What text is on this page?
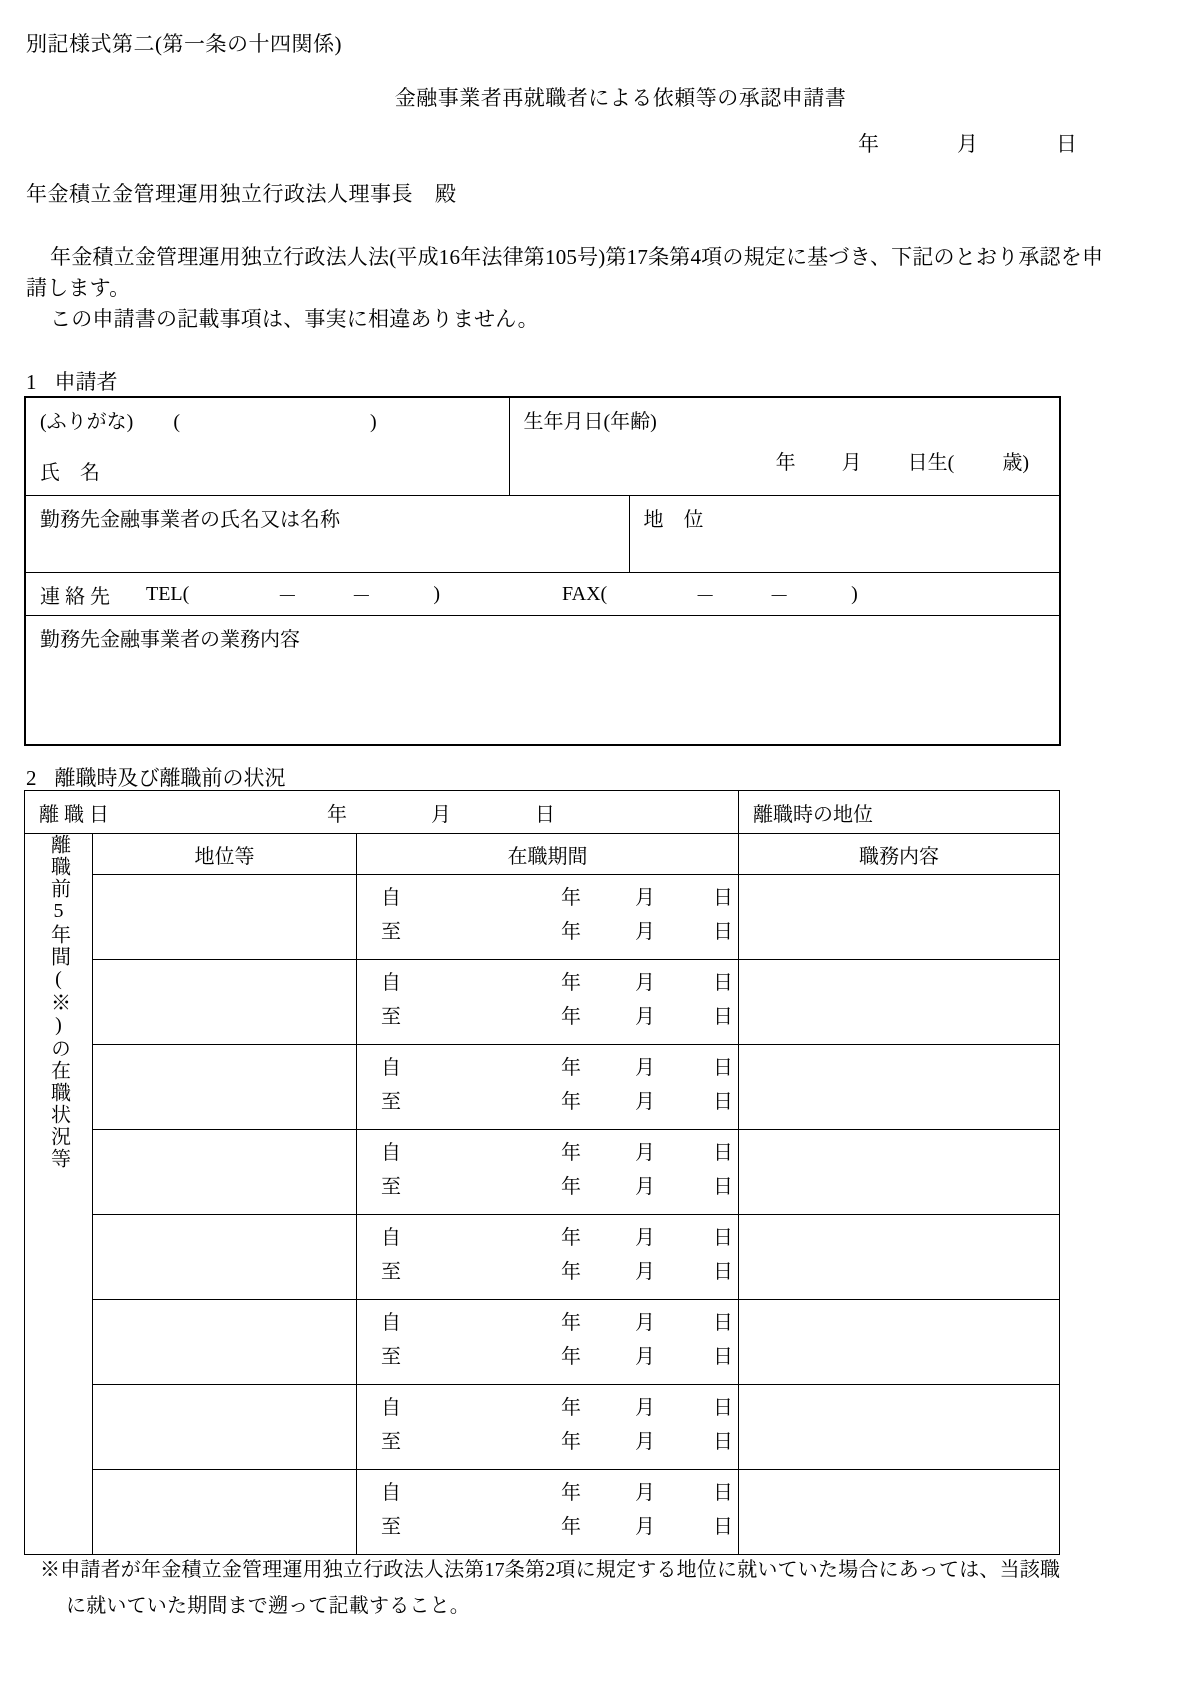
別記様式第二(第一条の十四関係)
金融事業者再就職者による依頼等の承認申請書
年	月	日
年金積立金管理運用独立行政法人理事長 殿

年金積立金管理運用独立行政法人法(平成16年法律第105号)第17条第4項の規定に基づき、下記のとおり承認を申

請します。

この申請書の記載事項は、事実に相違ありません。

1 申請者
(ふりがな) (	)
氏　名

生年月日(年齢)
年 月 日生( 歳)

勤務先金融事業者の氏名又は名称		地　位

連 絡 先 TEL(	－	－	)	FAX(	－	－	)

勤務先金融事業者の業務内容		
2 離職時及び離職前の状況
離 職 日 年 月 日			離職時の地位

離職前5年間(※)の在職状況等	地位等	在職期間	職務内容

		自 年 月 日
至 年 月 日	

		自 年 月 日
至 年 月 日	

		自 年 月 日
至 年 月 日	

		自 年 月 日
至 年 月 日	

		自 年 月 日
至 年 月 日	

		自 年 月 日
至 年 月 日	

		自 年 月 日
至 年 月 日	

		自 年 月 日
至 年 月 日	

※申請者が年金積立金管理運用独立行政法人法第17条第2項に規定する地位に就いていた場合にあっては、当該職

に就いていた期間まで遡って記載すること。
